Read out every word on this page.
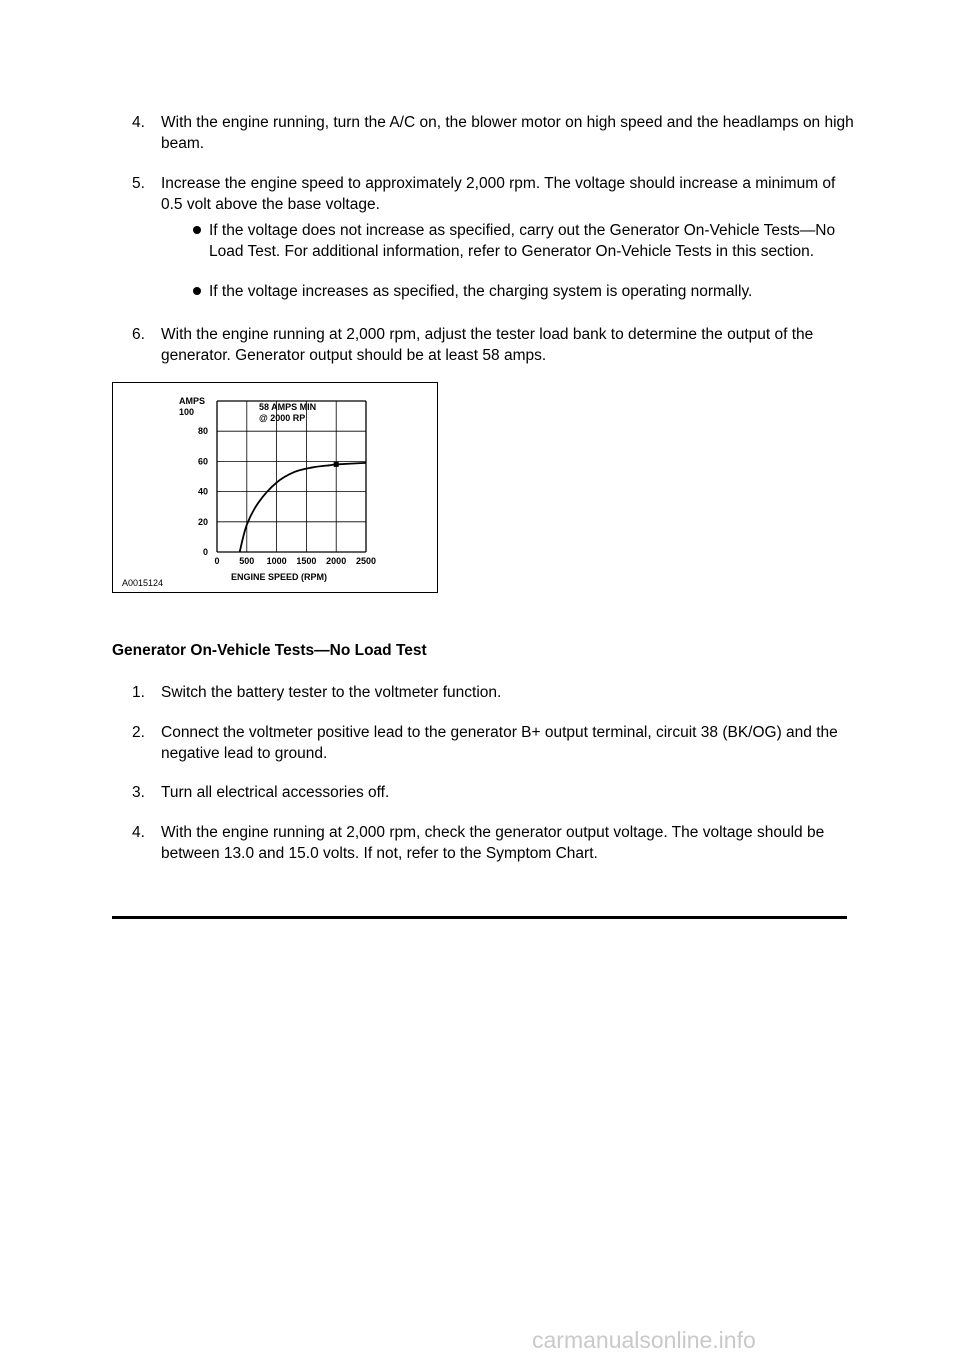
4. With the engine running, turn the A/C on, the blower motor on high speed and the headlamps on high beam.
5. Increase the engine speed to approximately 2,000 rpm. The voltage should increase a minimum of 0.5 volt above the base voltage.
If the voltage does not increase as specified, carry out the Generator On-Vehicle Tests—No Load Test. For additional information, refer to Generator On-Vehicle Tests in this section.
If the voltage increases as specified, the charging system is operating normally.
6. With the engine running at 2,000 rpm, adjust the tester load bank to determine the output of the generator. Generator output should be at least 58 amps.
0 500 1000 1500 2000 2500
0
20
40
60
80
100
AMPS
58 AMPS MIN
@ 2000 RP
ENGINE SPEED (RPM)
A0015124
Generator On-Vehicle Tests—No Load Test
1. Switch the battery tester to the voltmeter function.
2. Connect the voltmeter positive lead to the generator B+ output terminal, circuit 38 (BK/OG) and the negative lead to ground.
3. Turn all electrical accessories off.
4. With the engine running at 2,000 rpm, check the generator output voltage. The voltage should be between 13.0 and 15.0 volts. If not, refer to the Symptom Chart.
carmanualsonline.info
